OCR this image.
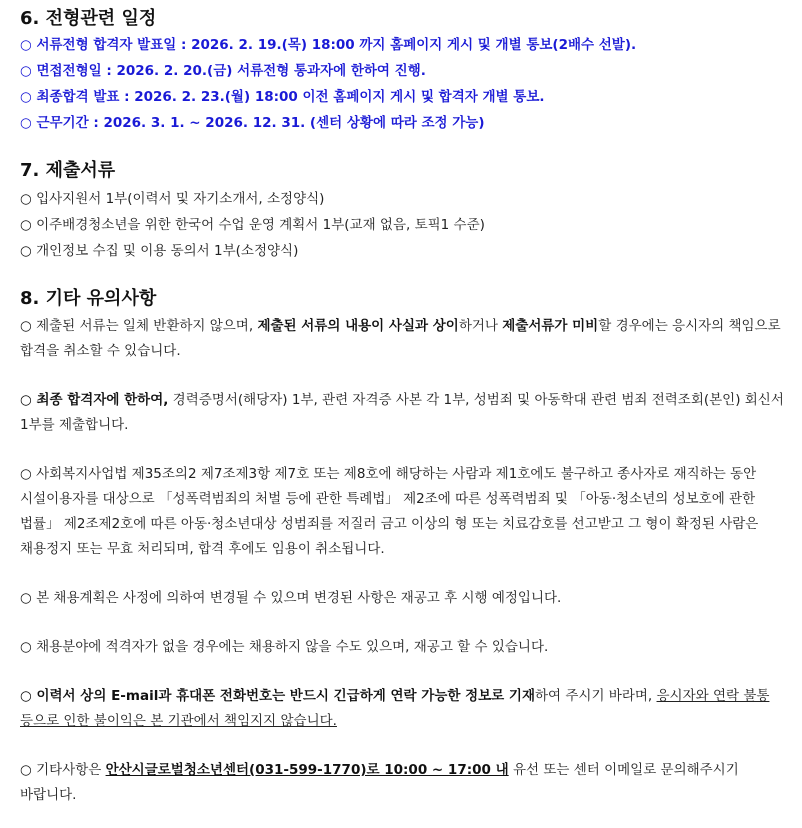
6. 전형관련 일정

○ 서류전형 합격자 발표일 : 2026. 2. 19.(목) 18:00 까지 홈페이지 게시 및 개별 통보(2배수 선발).

○ 면접전형일 : 2026. 2. 20.(금) 서류전형 통과자에 한하여 진행.

○ 최종합격 발표 : 2026. 2. 23.(월) 18:00 이전 홈페이지 게시 및 합격자 개별 통보.

○ 근무기간 : 2026. 3. 1. ~ 2026. 12. 31. (센터 상황에 따라 조정 가능)

7. 제출서류

○ 입사지원서 1부(이력서 및 자기소개서, 소정양식)

○ 이주배경청소년을 위한 한국어 수업 운영 계획서 1부(교재 없음, 토픽1 수준)

○ 개인정보 수집 및 이용 동의서 1부(소정양식)

8. 기타 유의사항

○ 제출된 서류는 일체 반환하지 않으며, 제출된 서류의 내용이 사실과 상이하거나 제출서류가 미비할 경우에는 응시자의 책임으로 합격을 취소할 수 있습니다.

○ 최종 합격자에 한하여, 경력증명서(해당자) 1부, 관련 자격증 사본 각 1부, 성범죄 및 아동학대 관련 범죄 전력조회(본인) 회신서 1부를 제출합니다.

○ 사회복지사업법 제35조의2 제7조제3항 제7호 또는 제8호에 해당하는 사람과 제1호에도 불구하고 종사자로 재직하는 동안 시설이용자를 대상으로 「성폭력범죄의 처벌 등에 관한 특례법」 제2조에 따른 성폭력범죄 및 「아동·청소년의 성보호에 관한 법률」 제2조제2호에 따른 아동·청소년대상 성범죄를 저질러 금고 이상의 형 또는 치료감호를 선고받고 그 형이 확정된 사람은 채용정지 또는 무효 처리되며, 합격 후에도 임용이 취소됩니다.

○ 본 채용계획은 사정에 의하여 변경될 수 있으며 변경된 사항은 재공고 후 시행 예정입니다.

○ 채용분야에 적격자가 없을 경우에는 채용하지 않을 수도 있으며, 재공고 할 수 있습니다.

○ 이력서 상의 E-mail과 휴대폰 전화번호는 반드시 긴급하게 연락 가능한 정보로 기재하여 주시기 바라며, 응시자와 연락 불통 등으로 인한 불이익은 본 기관에서 책임지지 않습니다.

○ 기타사항은 안산시글로벌청소년센터(031-599-1770)로 10:00 ~ 17:00 내 유선 또는 센터 이메일로 문의해주시기 바랍니다.
